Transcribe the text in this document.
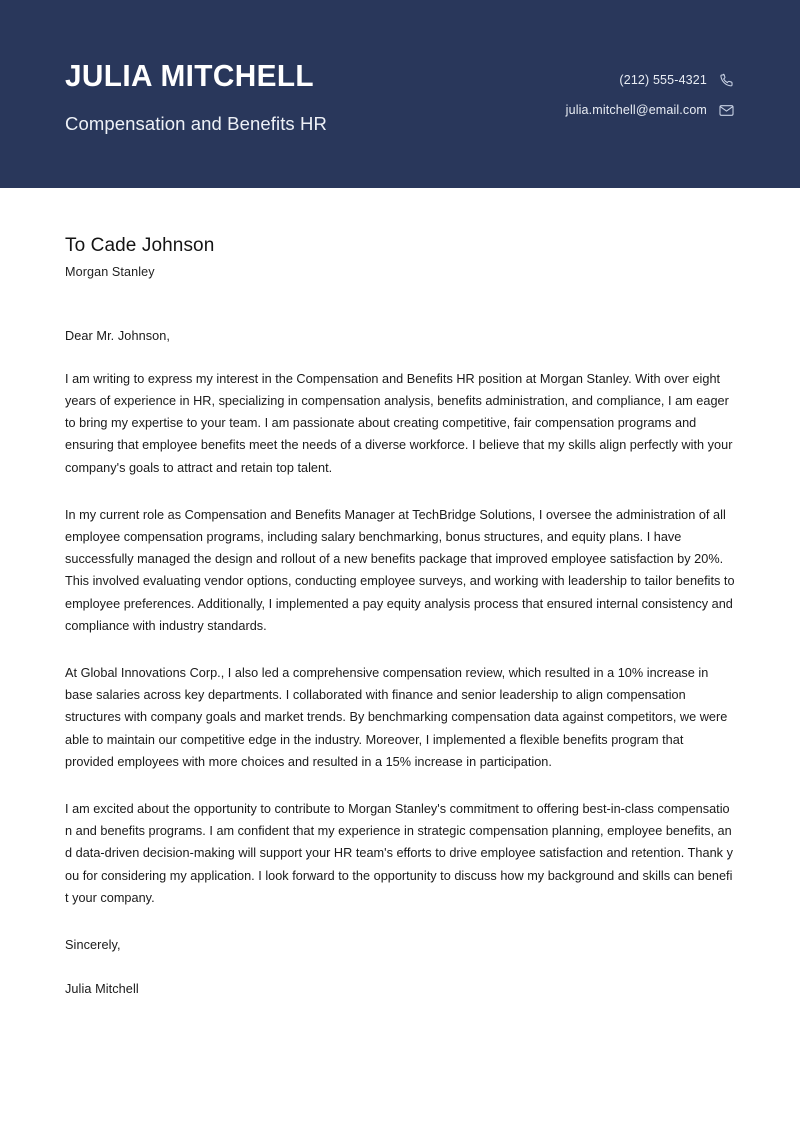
JULIA MITCHELL
Compensation and Benefits HR
(212) 555-4321
julia.mitchell@email.com
To Cade Johnson
Morgan Stanley
Dear Mr. Johnson,

I am writing to express my interest in the Compensation and Benefits HR position at Morgan Stanley. With over eight years of experience in HR, specializing in compensation analysis, benefits administration, and compliance, I am eager to bring my expertise to your team. I am passionate about creating competitive, fair compensation programs and ensuring that employee benefits meet the needs of a diverse workforce. I believe that my skills align perfectly with your company's goals to attract and retain top talent.

In my current role as Compensation and Benefits Manager at TechBridge Solutions, I oversee the administration of all employee compensation programs, including salary benchmarking, bonus structures, and equity plans. I have successfully managed the design and rollout of a new benefits package that improved employee satisfaction by 20%. This involved evaluating vendor options, conducting employee surveys, and working with leadership to tailor benefits to employee preferences. Additionally, I implemented a pay equity analysis process that ensured internal consistency and compliance with industry standards.

At Global Innovations Corp., I also led a comprehensive compensation review, which resulted in a 10% increase in base salaries across key departments. I collaborated with finance and senior leadership to align compensation structures with company goals and market trends. By benchmarking compensation data against competitors, we were able to maintain our competitive edge in the industry. Moreover, I implemented a flexible benefits program that provided employees with more choices and resulted in a 15% increase in participation.

I am excited about the opportunity to contribute to Morgan Stanley's commitment to offering best-in-class compensation and benefits programs. I am confident that my experience in strategic compensation planning, employee benefits, and data-driven decision-making will support your HR team's efforts to drive employee satisfaction and retention. Thank you for considering my application. I look forward to the opportunity to discuss how my background and skills can benefit your company.

Sincerely,
Julia Mitchell
